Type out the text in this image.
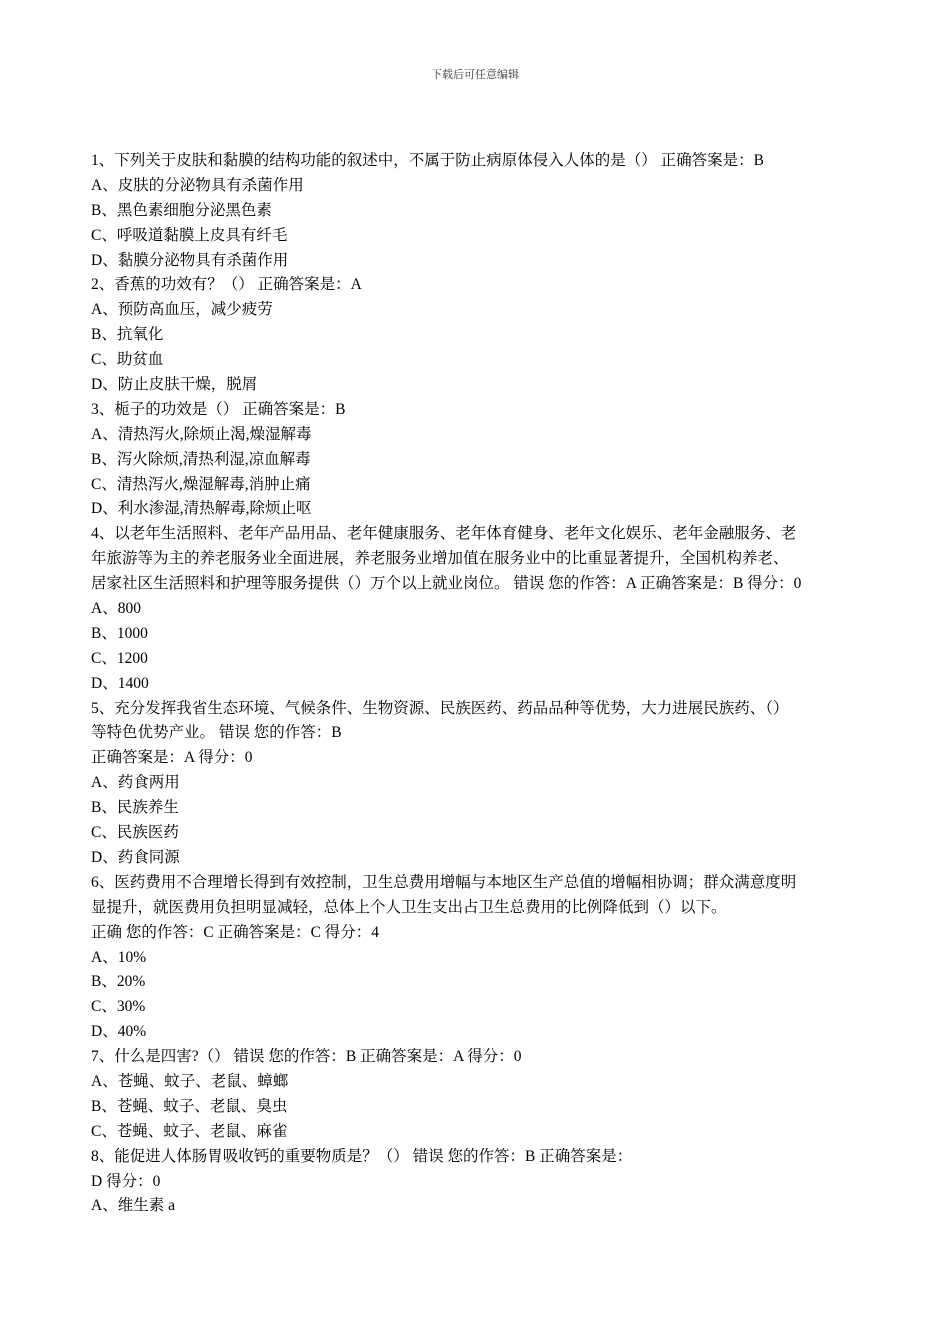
下载后可任意编辑
1、下列关于皮肤和黏膜的结构功能的叙述中，不属于防止病原体侵入人体的是（） 正确答案是：B
A、皮肤的分泌物具有杀菌作用
B、黑色素细胞分泌黑色素
C、呼吸道黏膜上皮具有纤毛
D、黏膜分泌物具有杀菌作用
2、香蕉的功效有？（） 正确答案是：A
A、预防高血压，减少疲劳
B、抗氧化
C、助贫血
D、防止皮肤干燥，脱屑
3、栀子的功效是（） 正确答案是：B
A、清热泻火,除烦止渴,燥湿解毒
B、泻火除烦,清热利湿,凉血解毒
C、清热泻火,燥湿解毒,消肿止痛
D、利水渗湿,清热解毒,除烦止呕
4、以老年生活照料、老年产品用品、老年健康服务、老年体育健身、老年文化娱乐、老年金融服务、老
年旅游等为主的养老服务业全面进展，养老服务业增加值在服务业中的比重显著提升，全国机构养老、
居家社区生活照料和护理等服务提供（）万个以上就业岗位。 错误 您的作答：A 正确答案是：B 得分：0
A、800
B、1000
C、1200
D、1400
5、充分发挥我省生态环境、气候条件、生物资源、民族医药、药品品种等优势，大力进展民族药、（）
等特色优势产业。 错误 您的作答：B
正确答案是：A 得分：0
A、药食两用
B、民族养生
C、民族医药
D、药食同源
6、医药费用不合理增长得到有效控制，卫生总费用增幅与本地区生产总值的增幅相协调；群众满意度明
显提升，就医费用负担明显减轻，总体上个人卫生支出占卫生总费用的比例降低到（）以下。
正确 您的作答：C 正确答案是：C 得分：4
A、10%
B、20%
C、30%
D、40%
7、什么是四害?（） 错误 您的作答：B 正确答案是：A 得分：0
A、苍蝇、蚊子、老鼠、蟑螂
B、苍蝇、蚊子、老鼠、臭虫
C、苍蝇、蚊子、老鼠、麻雀
8、能促进人体肠胃吸收钙的重要物质是？（） 错误 您的作答：B 正确答案是：
D 得分：0
A、维生素 a
